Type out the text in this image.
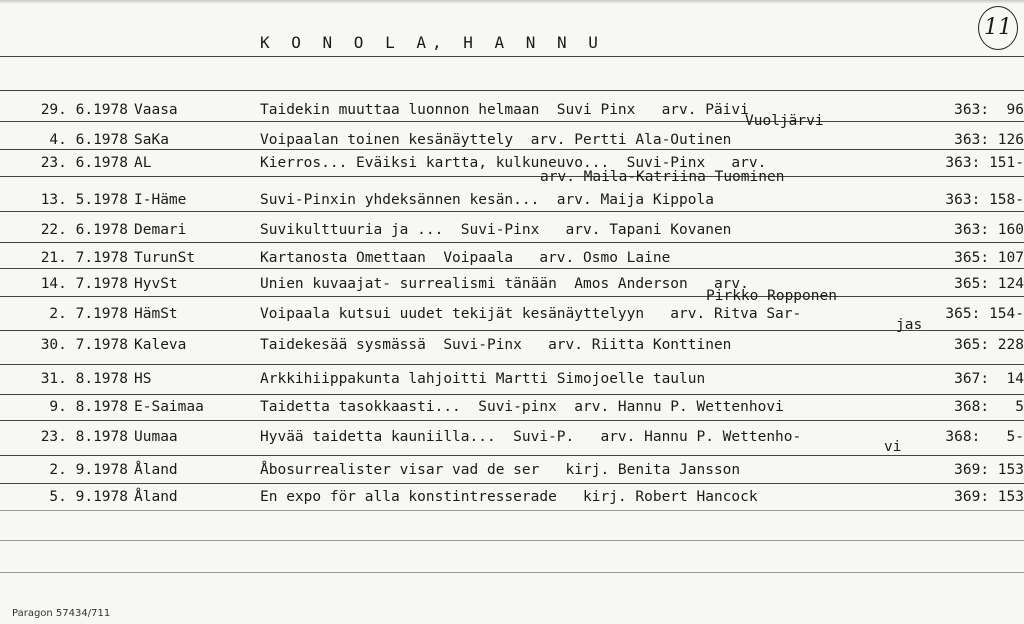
K O N O L A, H A N N U
11
29. 6.1978 Vaasa	Taidekin muuttaa luonnon helmaan  Suvi Pinx   arv. Päivi	363:  96
Vuoljärvi
4. 6.1978 SaKa	Voipaalan toinen kesänäyttely  arv. Pertti Ala-Outinen	363: 126
23. 6.1978 AL	Kierros... Eväiksi kartta, kulkuneuvo...  Suvi-Pinx   arv.	363: 151-
arv. Maila-Katriina Tuominen
13. 5.1978 I-Häme	Suvi-Pinxin yhdeksännen kesän...  arv. Maija Kippola	363: 158-
22. 6.1978 Demari	Suvikulttuuria ja ...  Suvi-Pinx   arv. Tapani Kovanen	363: 160
21. 7.1978 TurunSt	Kartanosta Omettaan  Voipaala   arv. Osmo Laine	365: 107
14. 7.1978 HyvSt	Unien kuvaajat- surrealismi tänään  Amos Anderson   arv.	365: 124
Pirkko Ropponen
2. 7.1978 HämSt	Voipaala kutsui uudet tekijät kesänäyttelyyn   arv. Ritva Sar-	365: 154-
jas
30. 7.1978 Kaleva	Taidekesää sysmässä  Suvi-Pinx   arv. Riitta Konttinen	365: 228
31. 8.1978 HS	Arkkihiippakunta lahjoitti Martti Simojoelle taulun	367:  14
9. 8.1978 E-Saimaa	Taidetta tasokkaasti...  Suvi-pinx  arv. Hannu P. Wettenhovi	368:   5
23. 8.1978 Uumaa	Hyvää taidetta kauniilla...  Suvi-P.   arv. Hannu P. Wettenho-	368:   5-
vi
2. 9.1978 Åland	Åbosurrealister visar vad de ser   kirj. Benita Jansson	369: 153
5. 9.1978 Åland	En expo för alla konstintresserade   kirj. Robert Hancock	369: 153
Paragon 57434/711
